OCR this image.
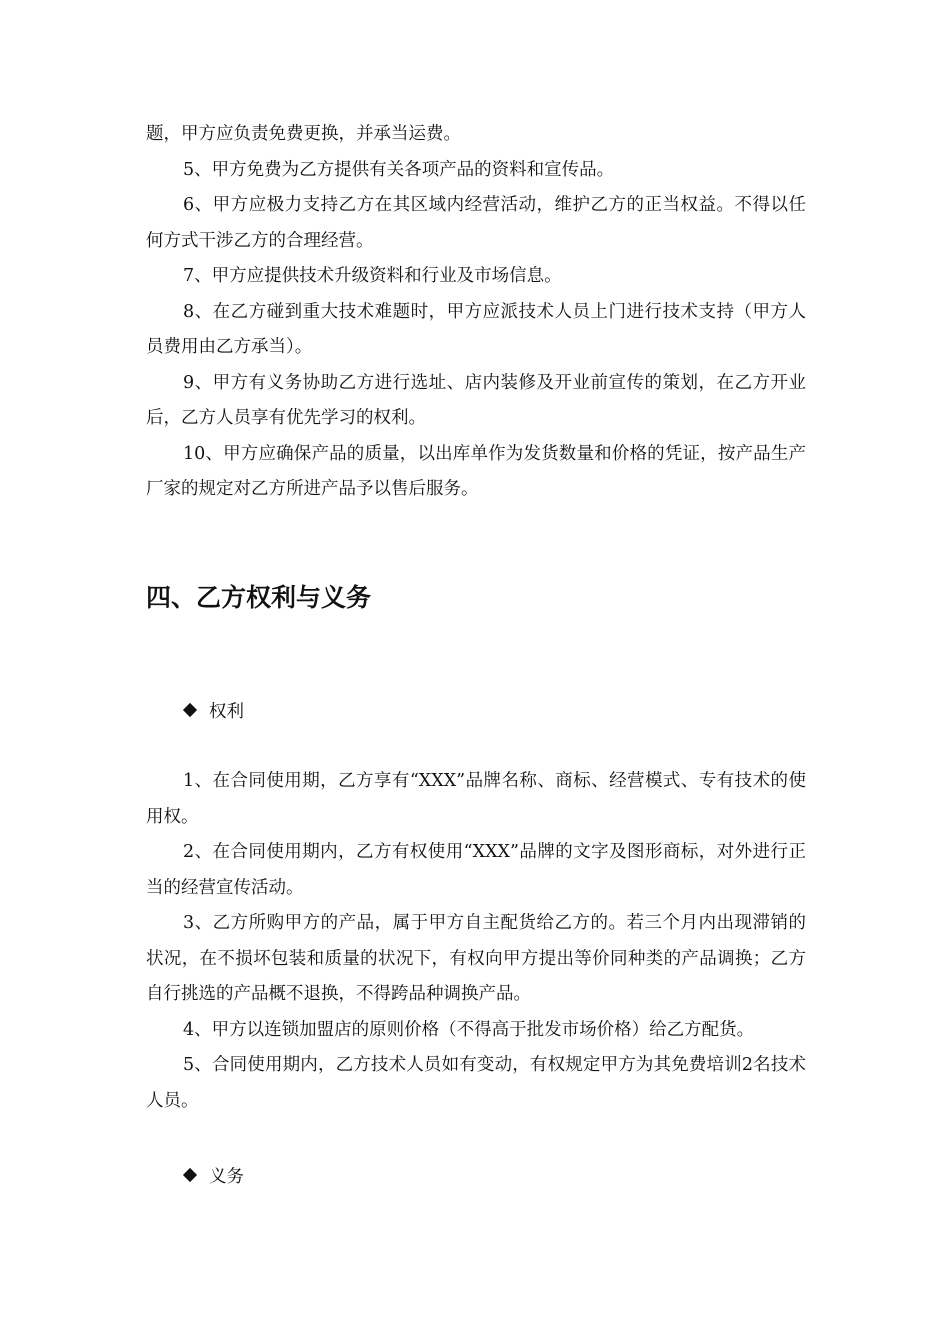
题，甲方应负责免费更换，并承当运费。

5、甲方免费为乙方提供有关各项产品的资料和宣传品。

6、甲方应极力支持乙方在其区域内经营活动，维护乙方的正当权益。不得以任何方式干涉乙方的合理经营。

7、甲方应提供技术升级资料和行业及市场信息。

8、在乙方碰到重大技术难题时，甲方应派技术人员上门进行技术支持（甲方人员费用由乙方承当）。

9、甲方有义务协助乙方进行选址、店内装修及开业前宣传的策划，在乙方开业后，乙方人员享有优先学习的权利。

10、甲方应确保产品的质量，以出库单作为发货数量和价格的凭证，按产品生产厂家的规定对乙方所进产品予以售后服务。

四、乙方权利与义务
权利

1、在合同使用期，乙方享有“XXX”品牌名称、商标、经营模式、专有技术的使用权。

2、在合同使用期内，乙方有权使用“XXX”品牌的文字及图形商标，对外进行正当的经营宣传活动。

3、乙方所购甲方的产品，属于甲方自主配货给乙方的。若三个月内出现滞销的状况，在不损坏包装和质量的状况下，有权向甲方提出等价同种类的产品调换；乙方自行挑选的产品概不退换，不得跨品种调换产品。

4、甲方以连锁加盟店的原则价格（不得高于批发市场价格）给乙方配货。

5、合同使用期内，乙方技术人员如有变动，有权规定甲方为其免费培训2名技术人员。

义务
